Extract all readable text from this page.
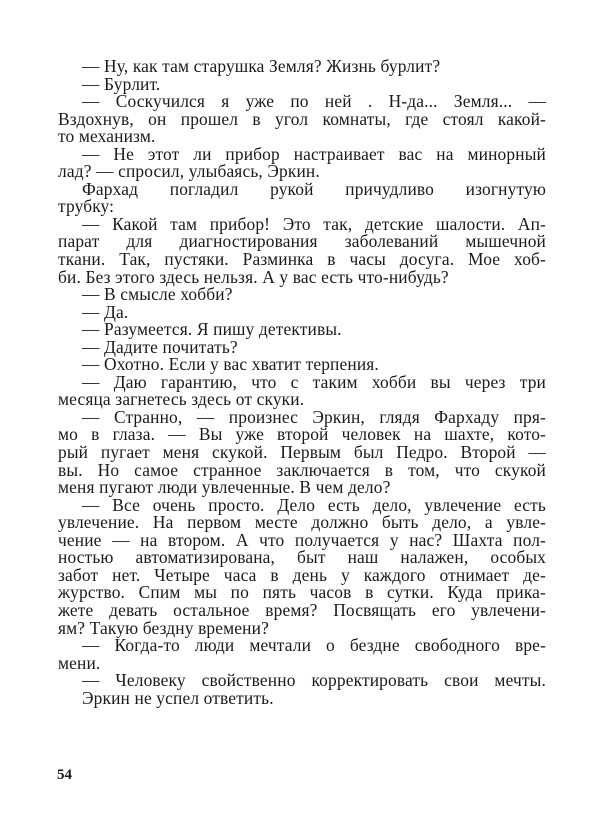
— Ну, как там старушка Земля? Жизнь бурлит?
— Бурлит.
— Соскучился я уже по ней . Н-да... Земля... —
Вздохнув, он прошел в угол комнаты, где стоял какой-
то механизм.
— Не этот ли прибор настраивает вас на минорный
лад? — спросил, улыбаясь, Эркин.
Фархад погладил рукой причудливо изогнутую
трубку:
— Какой там прибор! Это так, детские шалости. Ап-
парат для диагностирования заболеваний мышечной
ткани. Так, пустяки. Разминка в часы досуга. Мое хоб-
би. Без этого здесь нельзя. А у вас есть что-нибудь?
— В смысле хобби?
— Да.
— Разумеется. Я пишу детективы.
— Дадите почитать?
— Охотно. Если у вас хватит терпения.
— Даю гарантию, что с таким хобби вы через три
месяца загнетесь здесь от скуки.
— Странно, — произнес Эркин, глядя Фархаду пря-
мо в глаза. — Вы уже второй человек на шахте, кото-
рый пугает меня скукой. Первым был Педро. Второй —
вы. Но самое странное заключается в том, что скукой
меня пугают люди увлеченные. В чем дело?
— Все очень просто. Дело есть дело, увлечение есть
увлечение. На первом месте должно быть дело, а увле-
чение — на втором. А что получается у нас? Шахта пол-
ностью автоматизирована, быт наш налажен, особых
забот нет. Четыре часа в день у каждого отнимает де-
журство. Спим мы по пять часов в сутки. Куда прика-
жете девать остальное время? Посвящать его увлечени-
ям? Такую бездну времени?
— Когда-то люди мечтали о бездне свободного вре-
мени.
— Человеку свойственно корректировать свои мечты.
Эркин не успел ответить.
54
